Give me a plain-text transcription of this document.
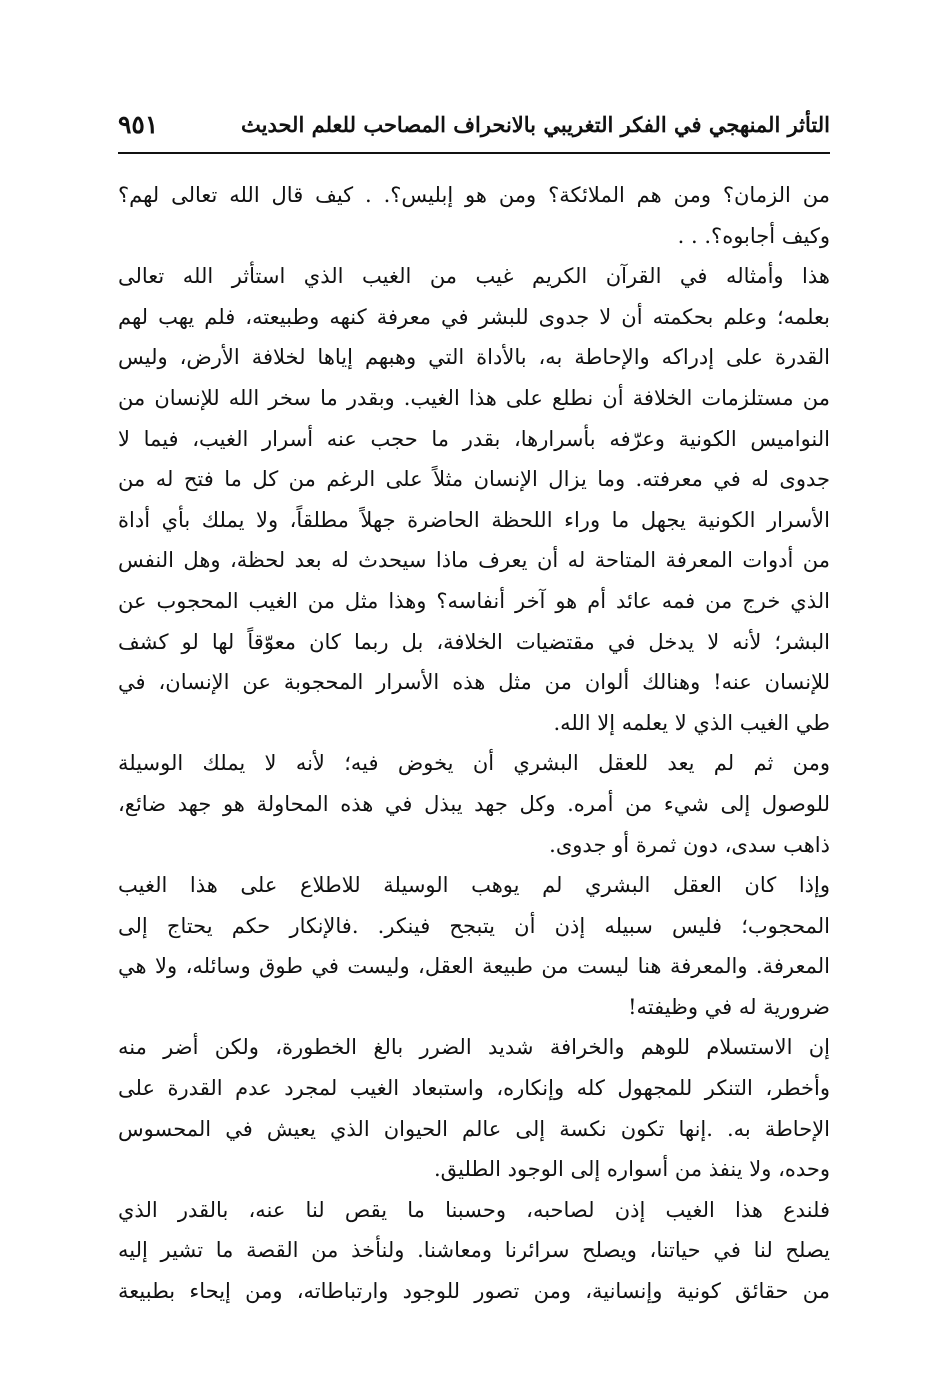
التأثر المنهجي في الفكر التغريبي بالانحراف المصاحب للعلم الحديث
٩٥١
من الزمان؟ ومن هم الملائكة؟ ومن هو إبليس؟. . كيف قال الله تعالى لهم؟
وكيف أجابوه؟. . .
هذا وأمثاله في القرآن الكريم غيب من الغيب الذي استأثر الله تعالى
بعلمه؛ وعلم بحكمته أن لا جدوى للبشر في معرفة كنهه وطبيعته، فلم يهب لهم
القدرة على إدراكه والإحاطة به، بالأداة التي وهبهم إياها لخلافة الأرض، وليس
من مستلزمات الخلافة أن نطلع على هذا الغيب. وبقدر ما سخر الله للإنسان من
النواميس الكونية وعرّفه بأسرارها، بقدر ما حجب عنه أسرار الغيب، فيما لا
جدوى له في معرفته. وما يزال الإنسان مثلاً على الرغم من كل ما فتح له من
الأسرار الكونية يجهل ما وراء اللحظة الحاضرة جهلاً مطلقاً، ولا يملك بأي أداة
من أدوات المعرفة المتاحة له أن يعرف ماذا سيحدث له بعد لحظة، وهل النفس
الذي خرج من فمه عائد أم هو آخر أنفاسه؟ وهذا مثل من الغيب المحجوب عن
البشر؛ لأنه لا يدخل في مقتضيات الخلافة، بل ربما كان معوّقاً لها لو كشف
للإنسان عنه! وهنالك ألوان من مثل هذه الأسرار المحجوبة عن الإنسان، في
طي الغيب الذي لا يعلمه إلا الله.
ومن ثم لم يعد للعقل البشري أن يخوض فيه؛ لأنه لا يملك الوسيلة
للوصول إلى شيء من أمره. وكل جهد يبذل في هذه المحاولة هو جهد ضائع،
ذاهب سدى، دون ثمرة أو جدوى.
وإذا كان العقل البشري لم يوهب الوسيلة للاطلاع على هذا الغيب
المحجوب؛ فليس سبيله إذن أن يتبجح فينكر. .فالإنكار حكم يحتاج إلى
المعرفة. والمعرفة هنا ليست من طبيعة العقل، وليست في طوق وسائله، ولا هي
ضرورية له في وظيفته!
إن الاستسلام للوهم والخرافة شديد الضرر بالغ الخطورة، ولكن أضر منه
وأخطر، التنكر للمجهول كله وإنكاره، واستبعاد الغيب لمجرد عدم القدرة على
الإحاطة به. .إنها تكون نكسة إلى عالم الحيوان الذي يعيش في المحسوس
وحده، ولا ينفذ من أسواره إلى الوجود الطليق.
فلندع هذا الغيب إذن لصاحبه، وحسبنا ما يقص لنا عنه، بالقدر الذي
يصلح لنا في حياتنا، ويصلح سرائرنا ومعاشنا. ولنأخذ من القصة ما تشير إليه
من حقائق كونية وإنسانية، ومن تصور للوجود وارتباطاته، ومن إيحاء بطبيعة
